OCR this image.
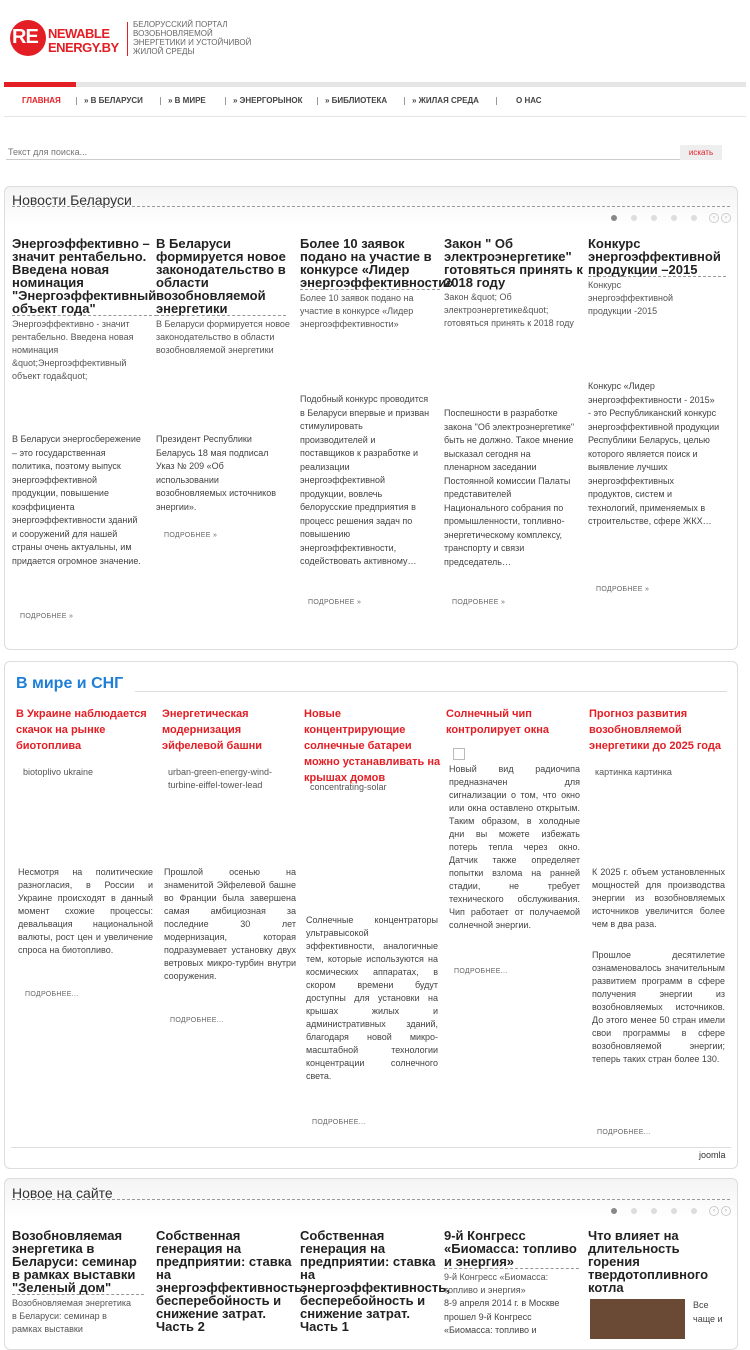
RE NEWABLE
ENERGY.BY
БЕЛОРУССКИЙ ПОРТАЛ ВОЗОБНОВЛЯЕМОЙ ЭНЕРГЕТИКИ И УСТОЙЧИВОЙ ЖИЛОЙ СРЕДЫ
ГЛАВНАЯ	» В БЕЛАРУСИ	» В МИРЕ	» ЭНЕРГОРЫНОК	» БИБЛИОТЕКА	» ЖИЛАЯ СРЕДА	О НАС
Текст для поиска...
искать
Новости Беларуси
‹	›
Энергоэффективно – значит рентабельно. Введена новая номинация "Энергоэффективный объект года"
Энергоэффективно - значит рентабельно. Введена новая номинация &quot;Энергоэффективный объект года&quot;
В Беларуси энергосбережение – это государственная политика, поэтому выпуск энергоэффективной продукции, повышение коэффициента энергоэффективности зданий и сооружений для нашей страны очень актуальны, им придается огромное значение.
ПОДРОБНЕЕ »
В Беларуси формируется новое законодательство в области возобновляемой энергетики
В Беларуси формируется новое законодательство в области возобновляемой энергетики
Президент Республики Беларусь 18 мая подписал Указ № 209 «Об использовании возобновляемых источников энергии».
ПОДРОБНЕЕ »
Более 10 заявок подано на участие в конкурсе «Лидер энергоэффективности»
Более 10 заявок подано на участие в конкурсе «Лидер энергоэффективности»
Подобный конкурс проводится в Беларуси впервые и призван стимулировать производителей и поставщиков к разработке и реализации энергоэффективной продукции, вовлечь белорусские предприятия в процесс решения задач по повышению энергоэффективности, содействовать активному…
ПОДРОБНЕЕ »
Закон " Об электроэнергетике" готовяться принять к 2018 году
Закон &quot; Об электроэнергетике&quot; готовяться принять к 2018 году
Поспешности в разработке закона "Об электроэнергетике" быть не должно. Такое мнение высказал сегодня на пленарном заседании Постоянной комиссии Палаты представителей Национального собрания по промышленности, топливно-энергетическому комплексу, транспорту и связи председатель…
ПОДРОБНЕЕ »
Конкурс энергоэффективной продукции –2015
Конкурс энергоэффективной продукции -2015
Конкурс «Лидер энергоэффективности - 2015» - это Республиканский конкурс энергоэффективной продукции Республики Беларусь, целью которого является поиск и выявление лучших энергоэффективных продуктов, систем и технологий, применяемых в строительстве, сфере ЖКХ…
ПОДРОБНЕЕ »
В мире и СНГ
В Украине наблюдается скачок на рынке биотоплива
biotoplivo ukraine
Несмотря на политические разногласия, в России и Украине происходят в данный момент схожие процессы: девальвация национальной валюты, рост цен и увеличение спроса на биотопливо.
ПОДРОБНЕЕ...
Энергетическая модернизация эйфелевой башни
urban-green-energy-wind-turbine-eiffel-tower-lead
Прошлой осенью на знаменитой Эйфелевой башне во Франции была завершена самая амбициозная за последние 30 лет модернизация, которая подразумевает установку двух ветровых микро-турбин внутри сооружения.
ПОДРОБНЕЕ...
Новые концентрирующие солнечные батареи можно устанавливать на крышах домов
concentrating-solar
Солнечные концентраторы ультравысокой эффективности, аналогичные тем, которые используются на космических аппаратах, в скором времени будут доступны для установки на крышах жилых и административных зданий, благодаря новой микро-масштабной технологии концентрации солнечного света.
ПОДРОБНЕЕ...
Солнечный чип контролирует окна
Новый вид радиочипа предназначен для сигнализации о том, что окно или окна оставлено открытым. Таким образом, в холодные дни вы можете избежать потерь тепла через окно. Датчик также определяет попытки взлома на ранней стадии, не требует технического обслуживания. Чип работает от получаемой солнечной энергии.
ПОДРОБНЕЕ...
Прогноз развития возобновляемой энергетики до 2025 года
картинка картинка
К 2025 г. объем установленных мощностей для производства энергии из возобновляемых источников увеличится более чем в два раза.
Прошлое десятилетие ознаменовалось значительным развитием программ в сфере получения энергии из возобновляемых источников. До этого менее 50 стран имели свои программы в сфере возобновляемой энергии; теперь таких стран более 130.
ПОДРОБНЕЕ...
joomla
Новое на сайте
‹	›
Возобновляемая энергетика в Беларуси: семинар в рамках выставки "Зеленый дом"
Возобновляемая энергетика в Беларуси: семинар в рамках выставки
Собственная генерация на предприятии: ставка на энергоэффективность, бесперебойность и снижение затрат. Часть 2
Собственная генерация на предприятии: ставка на энергоэффективность, бесперебойность и снижение затрат. Часть 1
9-й Конгресс «Биомасса: топливо и энергия»
9-й Конгресс «Биомасса: топливо и энергия»
8-9 апреля 2014 г. в Москве прошел 9-й Конгресс «Биомасса: топливо и
Что влияет на длительность горения твердотопливного котла
Все чаще и
